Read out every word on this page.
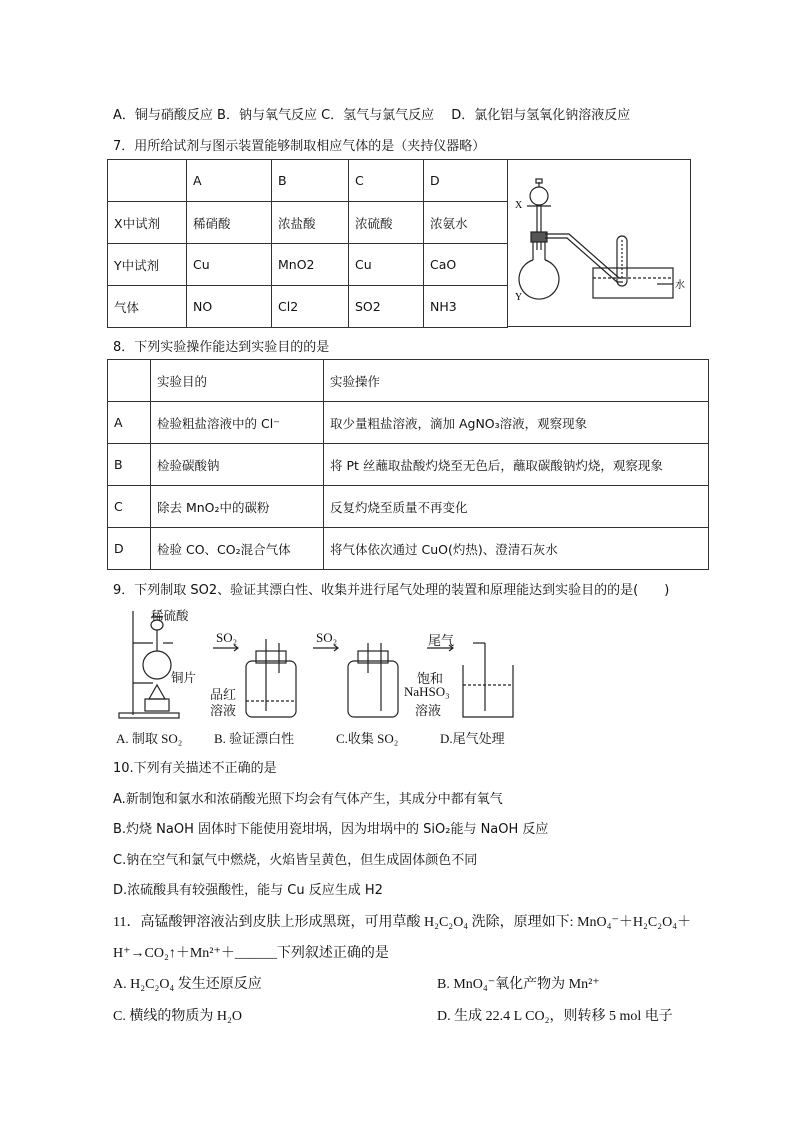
A．铜与硝酸反应 B．钠与氧气反应 C．氢气与氯气反应　 D．氯化铝与氢氧化钠溶液反应
7．用所给试剂与图示装置能够制取相应气体的是（夹持仪器略）
	A	B	C	D
X中试剂	稀硝酸	浓盐酸	浓硫酸	浓氨水
Y中试剂	Cu	MnO2	Cu	CaO
气体	NO	Cl2	SO2	NH3
X
Y
水
8．下列实验操作能达到实验目的的是
	实验目的	实验操作
A	检验粗盐溶液中的 Cl⁻	取少量粗盐溶液，滴加 AgNO₃溶液，观察现象
B	检验碳酸钠	将 Pt 丝蘸取盐酸灼烧至无色后，蘸取碳酸钠灼烧，观察现象
C	除去 MnO₂中的碳粉	反复灼烧至质量不再变化
D	检验 CO、CO₂混合气体	将气体依次通过 CuO(灼热)、澄清石灰水
9．下列制取 SO2、验证其漂白性、收集并进行尾气处理的装置和原理能达到实验目的的是(　　)
稀硫酸
铜片
SO₂	SO₂	尾气
品红
溶液
饱和
NaHSO₃
溶液
A. 制取 SO₂ B. 验证漂白性	C.收集 SO₂	D.尾气处理
10.下列有关描述不正确的是
A.新制饱和氯水和浓硝酸光照下均会有气体产生，其成分中都有氧气
B.灼烧 NaOH 固体时下能使用瓷坩埚，因为坩埚中的 SiO₂能与 NaOH 反应
C.钠在空气和氯气中燃烧，火焰皆呈黄色，但生成固体颜色不同
D.浓硫酸具有较强酸性，能与 Cu 反应生成 H2
11．高锰酸钾溶液沾到皮肤上形成黑斑，可用草酸 H₂C₂O₄ 洗除，原理如下: MnO₄⁻＋H₂C₂O₄＋
H⁺→CO₂↑＋Mn²⁺＋______下列叙述正确的是
A. H₂C₂O₄ 发生还原反应	B. MnO₄⁻氧化产物为 Mn²⁺
C. 横线的物质为 H₂O	D. 生成 22.4 L CO₂，则转移 5 mol 电子
